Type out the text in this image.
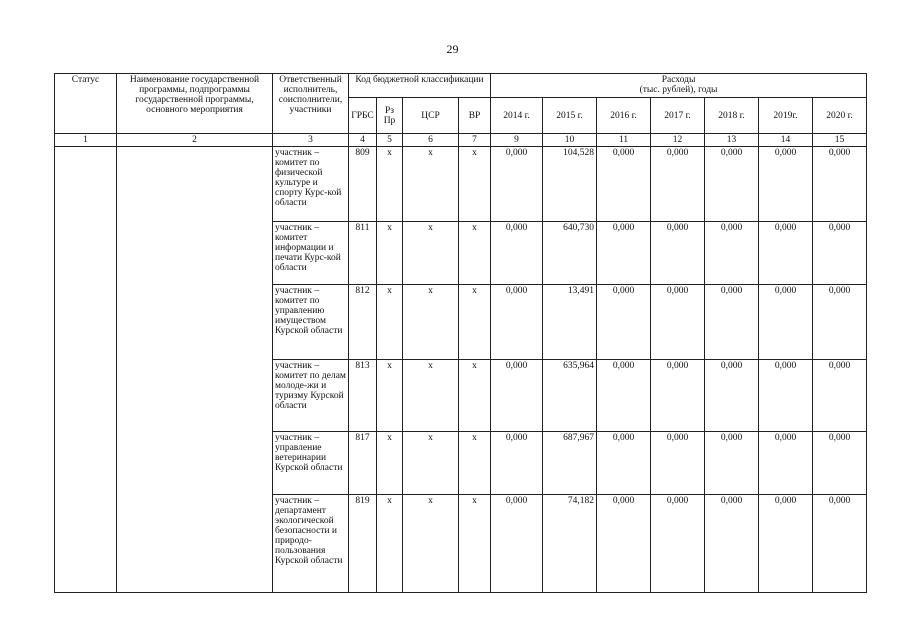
29
Статус	Наименование государственной программы, подпрограммы государственной программы, основного мероприятия	Ответственный исполнитель, соисполнители, участники	Код бюджетной классификации				Расходы
(тыс. рублей), годы						

			ГРБС	Рз Пр	ЦСР	ВР	2014 г.	2015 г.	2016 г.	2017 г.	2018 г.	2019г.	2020 г.
1	2	3	4	5	6	7	9	10	11	12	13	14	15
		участник – комитет по физической культуре и спорту Курс-кой области	809	х	х	х	0,000	104,528	0,000	0,000	0,000	0,000	0,000
		участник – комитет информации и печати Курс-кой области	811	х	х	х	0,000	640,730	0,000	0,000	0,000	0,000	0,000
		участник – комитет по управлению имуществом Курской области	812	х	х	х	0,000	13,491	0,000	0,000	0,000	0,000	0,000
		участник – комитет по делам молоде-жи и туризму Курской области	813	х	х	х	0,000	635,964	0,000	0,000	0,000	0,000	0,000
		участник – управление ветеринарии Курской области	817	х	х	х	0,000	687,967	0,000	0,000	0,000	0,000	0,000
		участник – департамент экологической безопасности и природо-пользования Курской области	819	х	х	х	0,000	74,182	0,000	0,000	0,000	0,000	0,000
